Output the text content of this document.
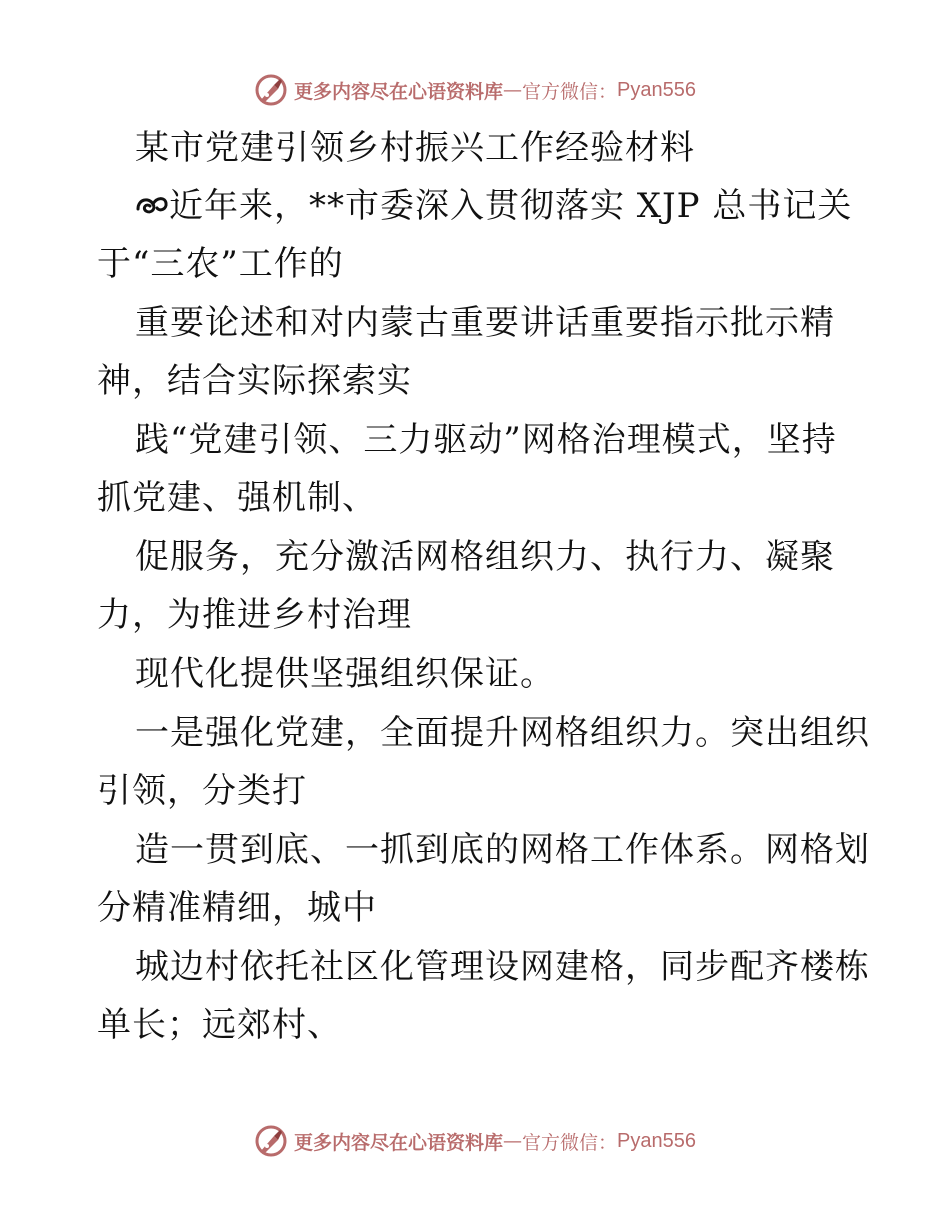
更多内容尽在心语资料库 — 官方微信： Pyan556
某市党建引领乡村振兴工作经验材料
近年来，**市委深入贯彻落实 XJP 总书记关
于“三农”工作的
重要论述和对内蒙古重要讲话重要指示批示精
神，结合实际探索实
践“党建引领、三力驱动”网格治理模式，坚持
抓党建、强机制、
促服务，充分激活网格组织力、执行力、凝聚
力，为推进乡村治理
现代化提供坚强组织保证。
一是强化党建，全面提升网格组织力。突出组织
引领，分类打
造一贯到底、一抓到底的网格工作体系。网格划
分精准精细，城中
城边村依托社区化管理设网建格，同步配齐楼栋
单长；远郊村、
更多内容尽在心语资料库 — 官方微信： Pyan556
